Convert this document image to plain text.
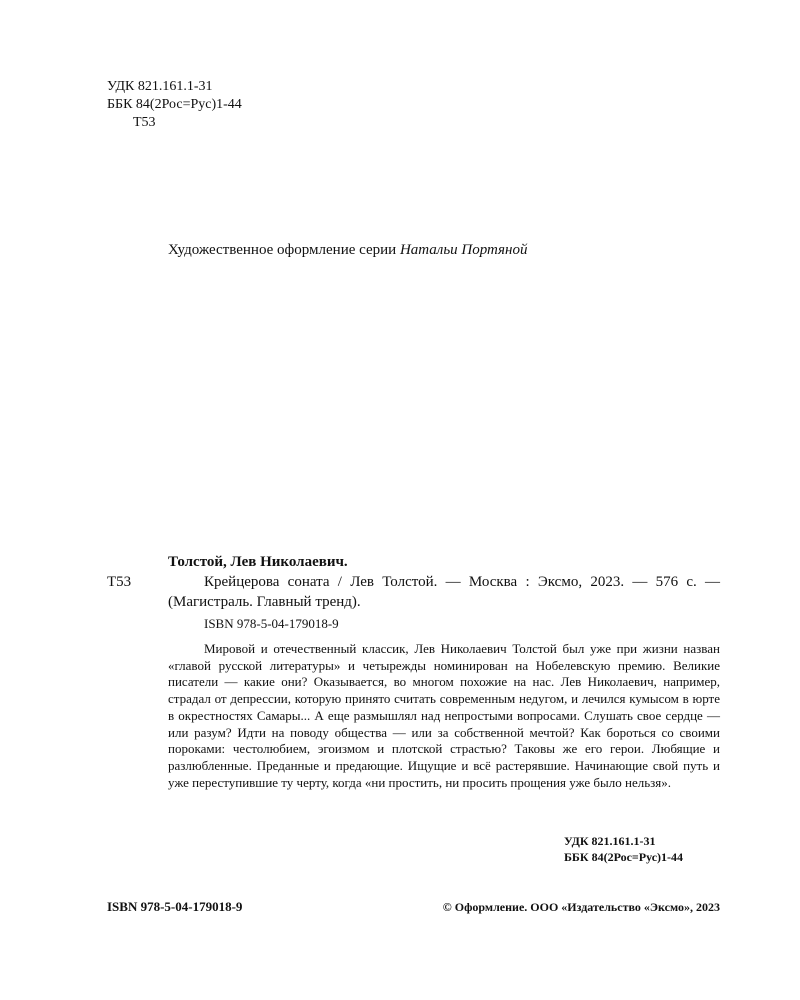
УДК 821.161.1-31
ББК 84(2Рос=Рус)1-44
Т53
Художественное оформление серии Натальи Портяной
Толстой, Лев Николаевич.
Т53	Крейцерова соната / Лев Толстой. — Москва : Эксмо, 2023. — 576 с. — (Магистраль. Главный тренд).
ISBN 978-5-04-179018-9
Мировой и отечественный классик, Лев Николаевич Толстой был уже при жизни назван «главой русской литературы» и четырежды номинирован на Нобелевскую премию. Великие писатели — какие они? Оказывается, во многом похожие на нас. Лев Николаевич, например, страдал от депрессии, которую принято считать современным недугом, и лечился кумысом в юрте в окрестностях Самары... А еще размышлял над непростыми вопросами. Слушать свое сердце — или разум? Идти на поводу общества — или за собственной мечтой? Как бороться со своими пороками: честолюбием, эгоизмом и плотской страстью? Таковы же его герои. Любящие и разлюбленные. Преданные и предающие. Ищущие и всё растерявшие. Начинающие свой путь и уже переступившие ту черту, когда «ни простить, ни просить прощения уже было нельзя».
УДК 821.161.1-31
ББК 84(2Рос=Рус)1-44
ISBN 978-5-04-179018-9	© Оформление. ООО «Издательство «Эксмо», 2023
